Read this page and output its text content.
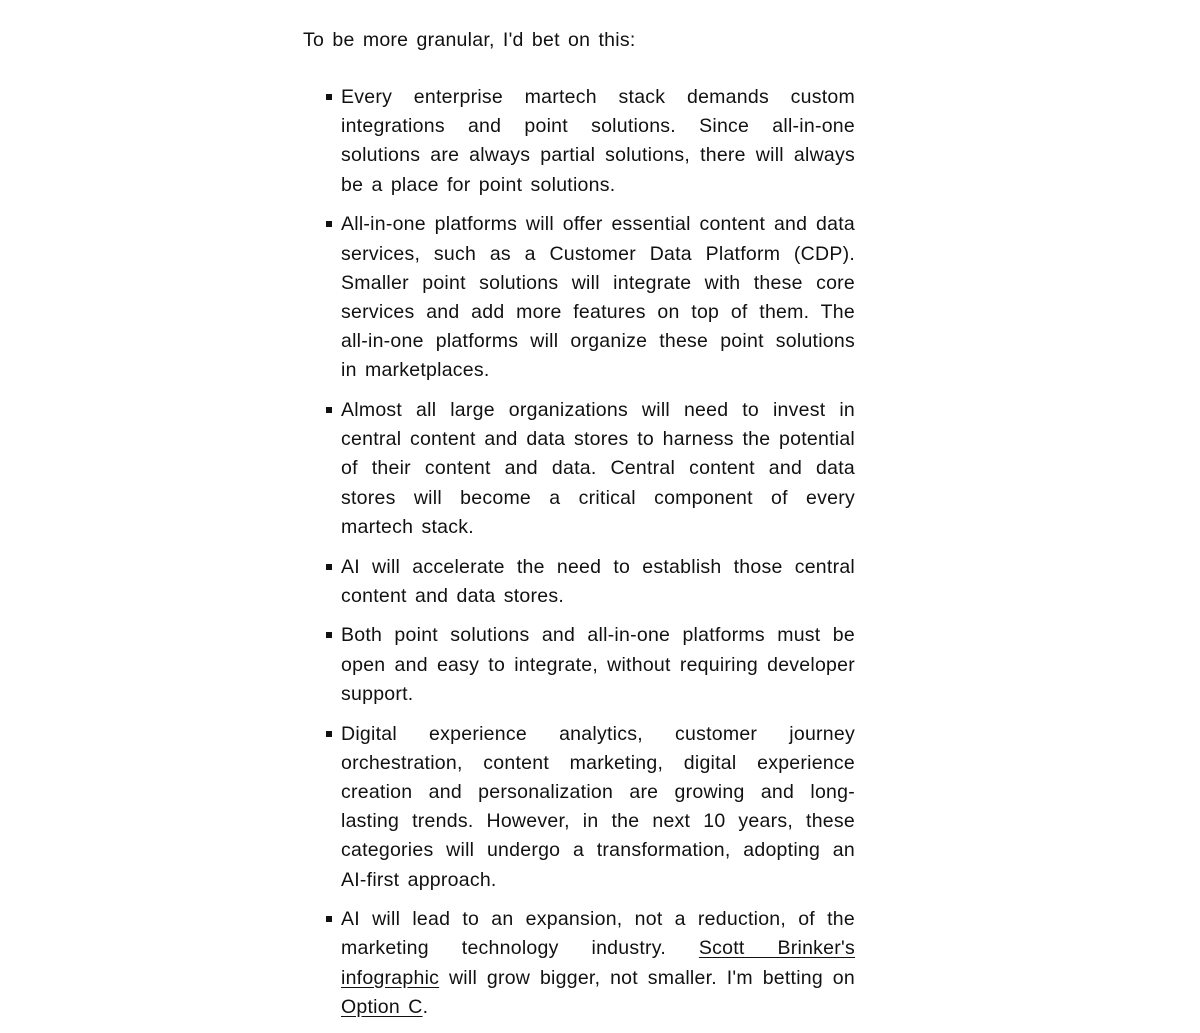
To be more granular, I'd bet on this:

Every enterprise martech stack demands custom integrations and point solutions. Since all-in-one solutions are always partial solutions, there will always be a place for point solutions.
All-in-one platforms will offer essential content and data services, such as a Customer Data Platform (CDP). Smaller point solutions will integrate with these core services and add more features on top of them. The all-in-one platforms will organize these point solutions in marketplaces.
Almost all large organizations will need to invest in central content and data stores to harness the potential of their content and data. Central content and data stores will become a critical component of every martech stack.
AI will accelerate the need to establish those central content and data stores.
Both point solutions and all-in-one platforms must be open and easy to integrate, without requiring developer support.
Digital experience analytics, customer journey orchestration, content marketing, digital experience creation and personalization are growing and long-lasting trends. However, in the next 10 years, these categories will undergo a transformation, adopting an AI-first approach.
AI will lead to an expansion, not a reduction, of the marketing technology industry. Scott Brinker's infographic will grow bigger, not smaller. I'm betting on Option C.
